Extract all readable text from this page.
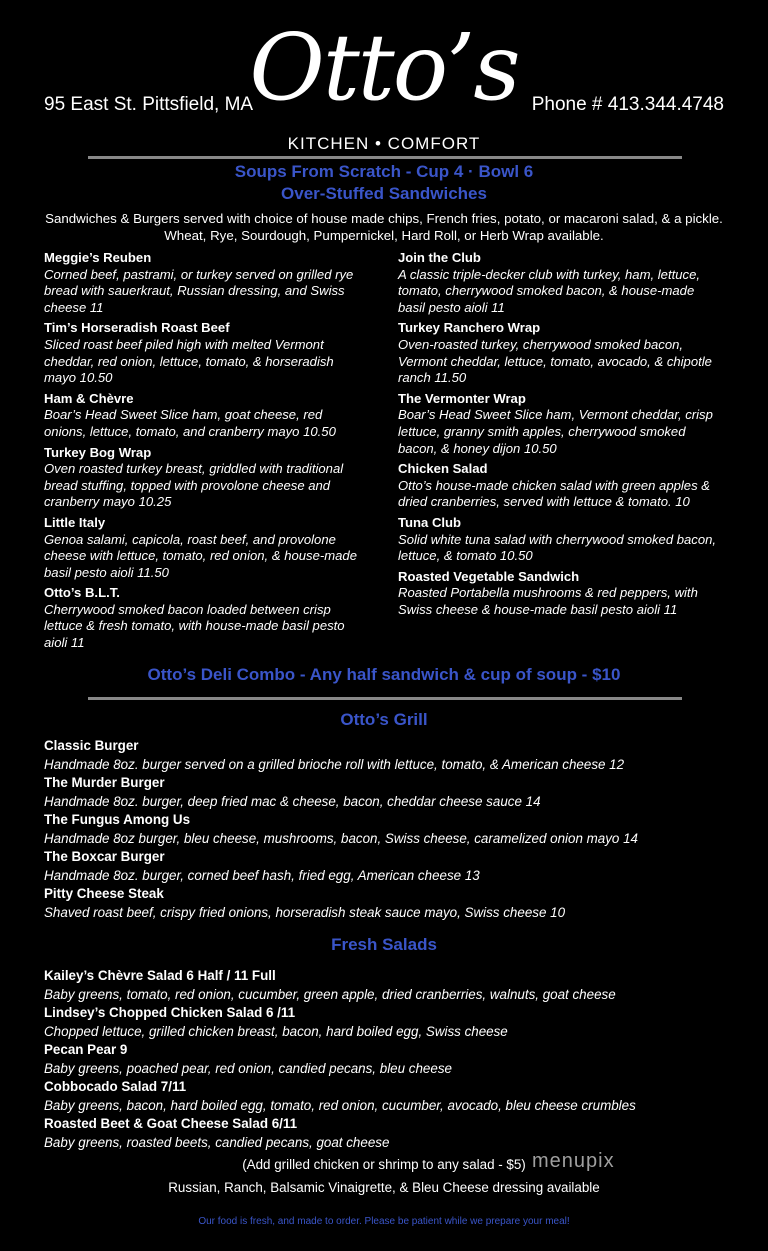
95 East St. Pittsfield, MA
Otto’s Phone # 413.344.4748
KITCHEN • COMFORT
Soups From Scratch - Cup 4 · Bowl 6
Over-Stuffed Sandwiches
Sandwiches & Burgers served with choice of house made chips, French fries, potato, or macaroni salad, & a pickle. Wheat, Rye, Sourdough, Pumpernickel, Hard Roll, or Herb Wrap available.
Meggie’s Reuben
Corned beef, pastrami, or turkey served on grilled rye bread with sauerkraut, Russian dressing, and Swiss cheese 11
Tim’s Horseradish Roast Beef
Sliced roast beef piled high with melted Vermont cheddar, red onion, lettuce, tomato, & horseradish mayo 10.50
Ham & Chèvre
Boar’s Head Sweet Slice ham, goat cheese, red onions, lettuce, tomato, and cranberry mayo 10.50
Turkey Bog Wrap
Oven roasted turkey breast, griddled with traditional bread stuffing, topped with provolone cheese and cranberry mayo 10.25
Little Italy
Genoa salami, capicola, roast beef, and provolone cheese with lettuce, tomato, red onion, & house-made basil pesto aioli 11.50
Otto’s B.L.T.
Cherrywood smoked bacon loaded between crisp lettuce & fresh tomato, with house-made basil pesto aioli 11
Join the Club
A classic triple-decker club with turkey, ham, lettuce, tomato, cherrywood smoked bacon, & house-made basil pesto aioli 11
Turkey Ranchero Wrap
Oven-roasted turkey, cherrywood smoked bacon, Vermont cheddar, lettuce, tomato, avocado, & chipotle ranch 11.50
The Vermonter Wrap
Boar’s Head Sweet Slice ham, Vermont cheddar, crisp lettuce, granny smith apples, cherrywood smoked bacon, & honey dijon 10.50
Chicken Salad
Otto’s house-made chicken salad with green apples & dried cranberries, served with lettuce & tomato. 10
Tuna Club
Solid white tuna salad with cherrywood smoked bacon, lettuce, & tomato 10.50
Roasted Vegetable Sandwich
Roasted Portabella mushrooms & red peppers, with Swiss cheese & house-made basil pesto aioli 11
Otto’s Deli Combo - Any half sandwich & cup of soup - $10
Otto’s Grill
Classic Burger
Handmade 8oz. burger served on a grilled brioche roll with lettuce, tomato, & American cheese 12
The Murder Burger
Handmade 8oz. burger, deep fried mac & cheese, bacon, cheddar cheese sauce 14
The Fungus Among Us
Handmade 8oz burger, bleu cheese, mushrooms, bacon, Swiss cheese, caramelized onion mayo 14
The Boxcar Burger
Handmade 8oz. burger, corned beef hash, fried egg, American cheese 13
Pitty Cheese Steak
Shaved roast beef, crispy fried onions, horseradish steak sauce mayo, Swiss cheese 10
Fresh Salads
Kailey’s Chèvre Salad 6 Half / 11 Full
Baby greens, tomato, red onion, cucumber, green apple, dried cranberries, walnuts, goat cheese
Lindsey’s Chopped Chicken Salad 6 /11
Chopped lettuce, grilled chicken breast, bacon, hard boiled egg, Swiss cheese
Pecan Pear 9
Baby greens, poached pear, red onion, candied pecans, bleu cheese
Cobbocado Salad 7/11
Baby greens, bacon, hard boiled egg, tomato, red onion, cucumber, avocado, bleu cheese crumbles
Roasted Beet & Goat Cheese Salad 6/11
Baby greens, roasted beets, candied pecans, goat cheese
(Add grilled chicken or shrimp to any salad - $5)
Russian, Ranch, Balsamic Vinaigrette, & Bleu Cheese dressing available
menupix
Our food is fresh, and made to order. Please be patient while we prepare your meal!
